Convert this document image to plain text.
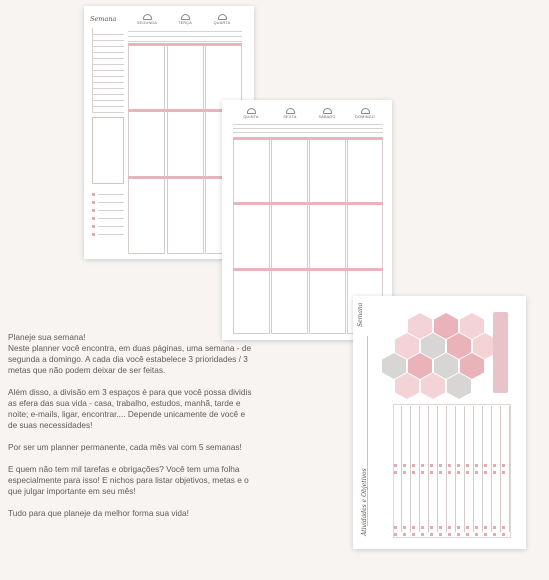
Semana	SEGUNDA	TERÇA	QUARTA
QUINTA	SEXTA	SÁBADO	DOMINGO
Semana
Atividades e Objetivos

Planeje sua semana!

Neste planner você encontra, em duas páginas, uma semana - de segunda a domingo. A cada dia você estabelece 3 prioridades / 3 metas que não podem deixar de ser feitas.

Além disso, a divisão em 3 espaços é para que você possa dividis as efera das sua vida - casa, trabalho, estudos, manhã, tarde e noite; e-mails, ligar, encontrar.... Depende unicamente de você e de suas necessidades!

Por ser um planner permanente, cada mês vai com 5 semanas!

E quem não tem mil tarefas e obrigações? Você tem uma folha especialmente para isso! E nichos para listar objetivos, metas e o que julgar importante em seu mês!

Tudo para que planeje da melhor forma sua vida!
